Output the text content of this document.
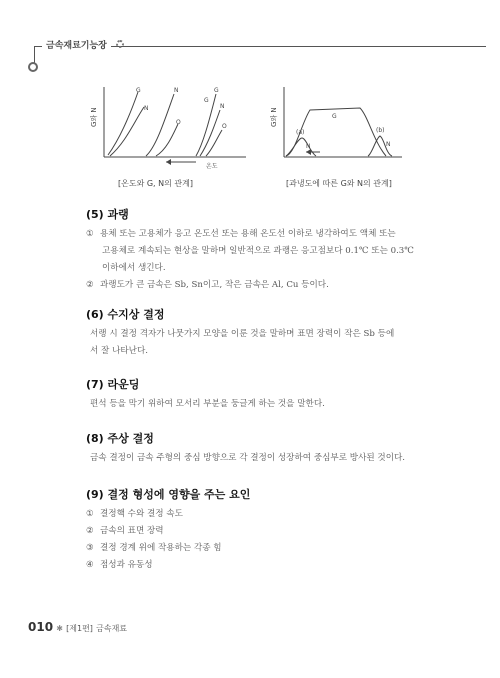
금속재료기능장
G와 N
온도
G
N
N	G
O
G
N
O	G와 N	G
(a)
N
(b)
N
[온도와 G, N의 관계]	[과냉도에 따른 G와 N의 관계]
(5) 과랭
① 용체 또는 고용체가 응고 온도선 또는 용해 온도선 이하로 냉각하여도 액체 또는
고용체로 계속되는 현상을 말하며 일반적으로 과랭은 응고점보다 0.1℃ 또는 0.3℃
이하에서 생긴다.
② 과랭도가 큰 금속은 Sb, Sn이고, 작은 금속은 Al, Cu 등이다.
(6) 수지상 결정
서랭 시 결정 격자가 나뭇가지 모양을 이룬 것을 말하며 표면 장력이 작은 Sb 등에
서 잘 나타난다.
(7) 라운딩
편석 등을 막기 위하여 모서리 부분을 둥글게 하는 것을 말한다.
(8) 주상 결정
금속 결정이 금속 주형의 중심 방향으로 각 결정이 성장하여 중심부로 방사된 것이다.
(9) 결정 형성에 영향을 주는 요인
① 결정핵 수와 결정 속도
② 금속의 표면 장력
③ 결정 경계 위에 작용하는 각종 힘
④ 점성과 유동성
010 ✱ [제1편] 금속재료
